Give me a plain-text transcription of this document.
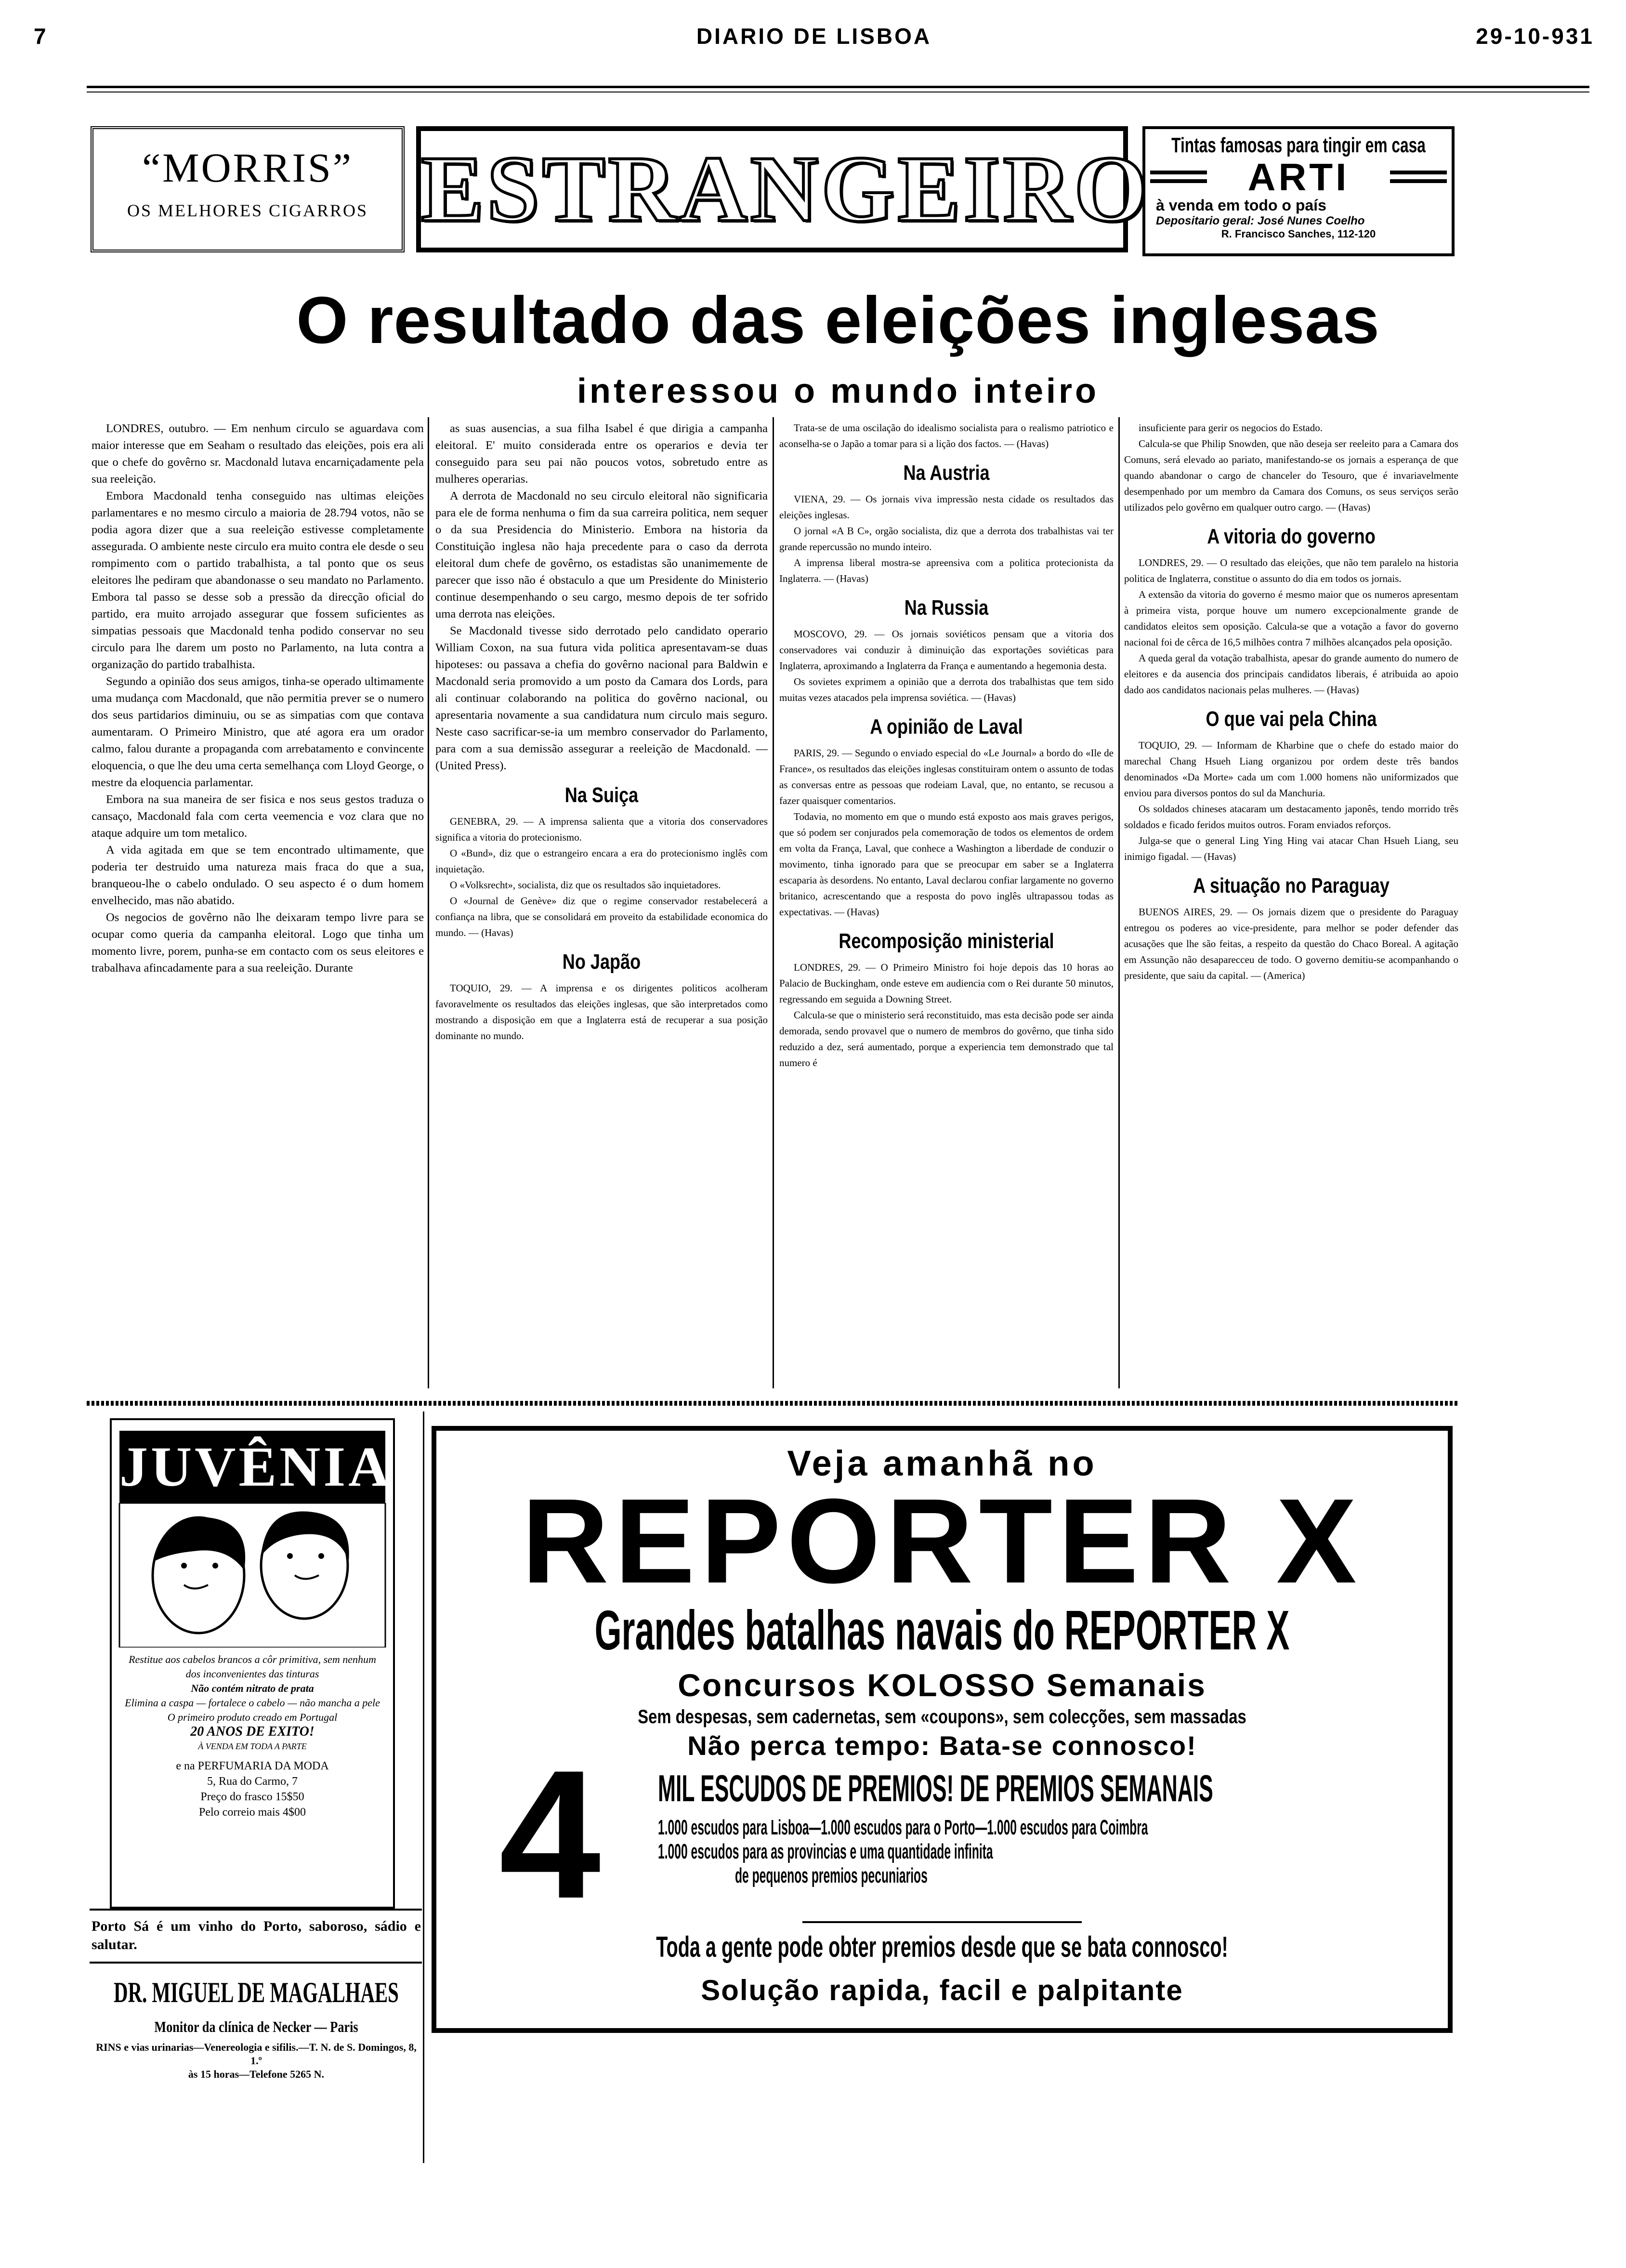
7	DIARIO DE LISBOA	29-10-931
“MORRIS”
OS MELHORES CIGARROS ESTRANGEIRO Tintas famosas para tingir em casa
ARTI
à venda em todo o país
Depositario geral: José Nunes Coelho
R. Francisco Sanches, 112-120
O resultado das eleições inglesas
interessou o mundo inteiro

LONDRES, outubro. — Em nenhum circulo se aguardava com maior interesse que em Seaham o resultado das eleições, pois era ali que o chefe do govêrno sr. Macdonald lutava encarniçadamente pela sua reeleição.

Embora Macdonald tenha conseguido nas ultimas eleições parlamentares e no mesmo circulo a maioria de 28.794 votos, não se podia agora dizer que a sua reeleição estivesse completamente assegurada. O ambiente neste circulo era muito contra ele desde o seu rompimento com o partido trabalhista, a tal ponto que os seus eleitores lhe pediram que abandonasse o seu mandato no Parlamento. Embora tal passo se desse sob a pressão da direcção oficial do partido, era muito arrojado assegurar que fossem suficientes as simpatias pessoais que Macdonald tenha podido conservar no seu circulo para lhe darem um posto no Parlamento, na luta contra a organização do partido trabalhista.

Segundo a opinião dos seus amigos, tinha-se operado ultimamente uma mudança com Macdonald, que não permitia prever se o numero dos seus partidarios diminuiu, ou se as simpatias com que contava aumentaram. O Primeiro Ministro, que até agora era um orador calmo, falou durante a propaganda com arrebatamento e convincente eloquencia, o que lhe deu uma certa semelhança com Lloyd George, o mestre da eloquencia parlamentar.

Embora na sua maneira de ser fisica e nos seus gestos traduza o cansaço, Macdonald fala com certa veemencia e voz clara que no ataque adquire um tom metalico.

A vida agitada em que se tem encontrado ultimamente, que poderia ter destruido uma natureza mais fraca do que a sua, branqueou-lhe o cabelo ondulado. O seu aspecto é o dum homem envelhecido, mas não abatido.

Os negocios de govêrno não lhe deixaram tempo livre para se ocupar como queria da campanha eleitoral. Logo que tinha um momento livre, porem, punha-se em contacto com os seus eleitores e trabalhava afincadamente para a sua reeleição. Durante

as suas ausencias, a sua filha Isabel é que dirigia a campanha eleitoral. E' muito considerada entre os operarios e devia ter conseguido para seu pai não poucos votos, sobretudo entre as mulheres operarias.

A derrota de Macdonald no seu circulo eleitoral não significaria para ele de forma nenhuma o fim da sua carreira politica, nem sequer o da sua Presidencia do Ministerio. Embora na historia da Constituição inglesa não haja precedente para o caso da derrota eleitoral dum chefe de govêrno, os estadistas são unanimemente de parecer que isso não é obstaculo a que um Presidente do Ministerio continue desempenhando o seu cargo, mesmo depois de ter sofrido uma derrota nas eleições.

Se Macdonald tivesse sido derrotado pelo candidato operario William Coxon, na sua futura vida politica apresentavam-se duas hipoteses: ou passava a chefia do govêrno nacional para Baldwin e Macdonald seria promovido a um posto da Camara dos Lords, para ali continuar colaborando na politica do govêrno nacional, ou apresentaria novamente a sua candidatura num circulo mais seguro. Neste caso sacrificar-se-ia um membro conservador do Parlamento, para com a sua demissão assegurar a reeleição de Macdonald. — (United Press).

Na Suiça

GENEBRA, 29. — A imprensa salienta que a vitoria dos conservadores significa a vitoria do protecionismo.

O «Bund», diz que o estrangeiro encara a era do protecionismo inglês com inquietação.

O «Volksrecht», socialista, diz que os resultados são inquietadores.

O «Journal de Genève» diz que o regime conservador restabelecerá a confiança na libra, que se consolidará em proveito da estabilidade economica do mundo. — (Havas)

No Japão

TOQUIO, 29. — A imprensa e os dirigentes politicos acolheram favoravelmente os resultados das eleições inglesas, que são interpretados como mostrando a disposição em que a Inglaterra está de recuperar a sua posição dominante no mundo.

Trata-se de uma oscilação do idealismo socialista para o realismo patriotico e aconselha-se o Japão a tomar para si a lição dos factos. — (Havas)

Na Austria

VIENA, 29. — Os jornais viva impressão nesta cidade os resultados das eleições inglesas.

O jornal «A B C», orgão socialista, diz que a derrota dos trabalhistas vai ter grande repercussão no mundo inteiro.

A imprensa liberal mostra-se apreensiva com a politica protecionista da Inglaterra. — (Havas)

Na Russia

MOSCOVO, 29. — Os jornais soviéticos pensam que a vitoria dos conservadores vai conduzir à diminuição das exportações soviéticas para Inglaterra, aproximando a Inglaterra da França e aumentando a hegemonia desta.

Os sovietes exprimem a opinião que a derrota dos trabalhistas que tem sido muitas vezes atacados pela imprensa soviética. — (Havas)

A opinião de Laval

PARIS, 29. — Segundo o enviado especial do «Le Journal» a bordo do «Ile de France», os resultados das eleições inglesas constituiram ontem o assunto de todas as conversas entre as pessoas que rodeiam Laval, que, no entanto, se recusou a fazer quaisquer comentarios.

Todavia, no momento em que o mundo está exposto aos mais graves perigos, que só podem ser conjurados pela comemoração de todos os elementos de ordem em volta da França, Laval, que conhece a Washington a liberdade de conduzir o movimento, tinha ignorado para que se preocupar em saber se a Inglaterra escaparia às desordens. No entanto, Laval declarou confiar largamente no governo britanico, acrescentando que a resposta do povo inglês ultrapassou todas as expectativas. — (Havas)

Recomposição ministerial

LONDRES, 29. — O Primeiro Ministro foi hoje depois das 10 horas ao Palacio de Buckingham, onde esteve em audiencia com o Rei durante 50 minutos, regressando em seguida a Downing Street.

Calcula-se que o ministerio será reconstituido, mas esta decisão pode ser ainda demorada, sendo provavel que o numero de membros do govêrno, que tinha sido reduzido a dez, será aumentado, porque a experiencia tem demonstrado que tal numero é

insuficiente para gerir os negocios do Estado.

Calcula-se que Philip Snowden, que não deseja ser reeleito para a Camara dos Comuns, será elevado ao pariato, manifestando-se os jornais a esperança de que quando abandonar o cargo de chanceler do Tesouro, que é invariavelmente desempenhado por um membro da Camara dos Comuns, os seus serviços serão utilizados pelo govêrno em qualquer outro cargo. — (Havas)

A vitoria do governo

LONDRES, 29. — O resultado das eleições, que não tem paralelo na historia politica de Inglaterra, constitue o assunto do dia em todos os jornais.

A extensão da vitoria do governo é mesmo maior que os numeros apresentam à primeira vista, porque houve um numero excepcionalmente grande de candidatos eleitos sem oposição. Calcula-se que a votação a favor do governo nacional foi de cêrca de 16,5 milhões contra 7 milhões alcançados pela oposição.

A queda geral da votação trabalhista, apesar do grande aumento do numero de eleitores e da ausencia dos principais candidatos liberais, é atribuida ao apoio dado aos candidatos nacionais pelas mulheres. — (Havas)

O que vai pela China

TOQUIO, 29. — Informam de Kharbine que o chefe do estado maior do marechal Chang Hsueh Liang organizou por ordem deste três bandos denominados «Da Morte» cada um com 1.000 homens não uniformizados que enviou para diversos pontos do sul da Manchuria.

Os soldados chineses atacaram um destacamento japonês, tendo morrido três soldados e ficado feridos muitos outros. Foram enviados reforços.

Julga-se que o general Ling Ying Hing vai atacar Chan Hsueh Liang, seu inimigo figadal. — (Havas)

A situação no Paraguay

BUENOS AIRES, 29. — Os jornais dizem que o presidente do Paraguay entregou os poderes ao vice-presidente, para melhor se poder defender das acusações que lhe são feitas, a respeito da questão do Chaco Boreal. A agitação em Assunção não desaparecceu de todo. O governo demitiu-se acompanhando o presidente, que saiu da capital. — (America)

JUVÊNIA
Restitue aos cabelos brancos a côr primitiva, sem nenhum dos inconvenientes das tinturas
Não contém nitrato de prata
Elimina a caspa — fortalece o cabelo — não mancha a pele
O primeiro produto creado em Portugal
20 ANOS DE EXITO!
À VENDA EM TODA A PARTE
e na PERFUMARIA DA MODA
5, Rua do Carmo, 7
Preço do frasco 15$50
Pelo correio mais 4$00
Porto Sá é um vinho do Porto, saboroso, sádio e salutar.
DR. MIGUEL DE MAGALHAES
Monitor da clínica de Necker — Paris
RINS e vias urinarias—Venereologia e sifilis.—T. N. de S. Domingos, 8, 1.º
às 15 horas—Telefone 5265 N.
Veja amanhã no
REPORTER X
Grandes batalhas navais do REPORTER X
Concursos KOLOSSO Semanais
Sem despesas, sem cadernetas, sem «coupons», sem colecções, sem massadas
Não perca tempo: Bata-se connosco!
4 MIL ESCUDOS DE PREMIOS! DE PREMIOS SEMANAIS
1.000 escudos para Lisboa—1.000 escudos para o Porto—1.000 escudos para Coimbra
1.000 escudos para as provincias e uma quantidade infinita
de pequenos premios pecuniarios
Toda a gente pode obter premios desde que se bata connosco!
Solução rapida, facil e palpitante
